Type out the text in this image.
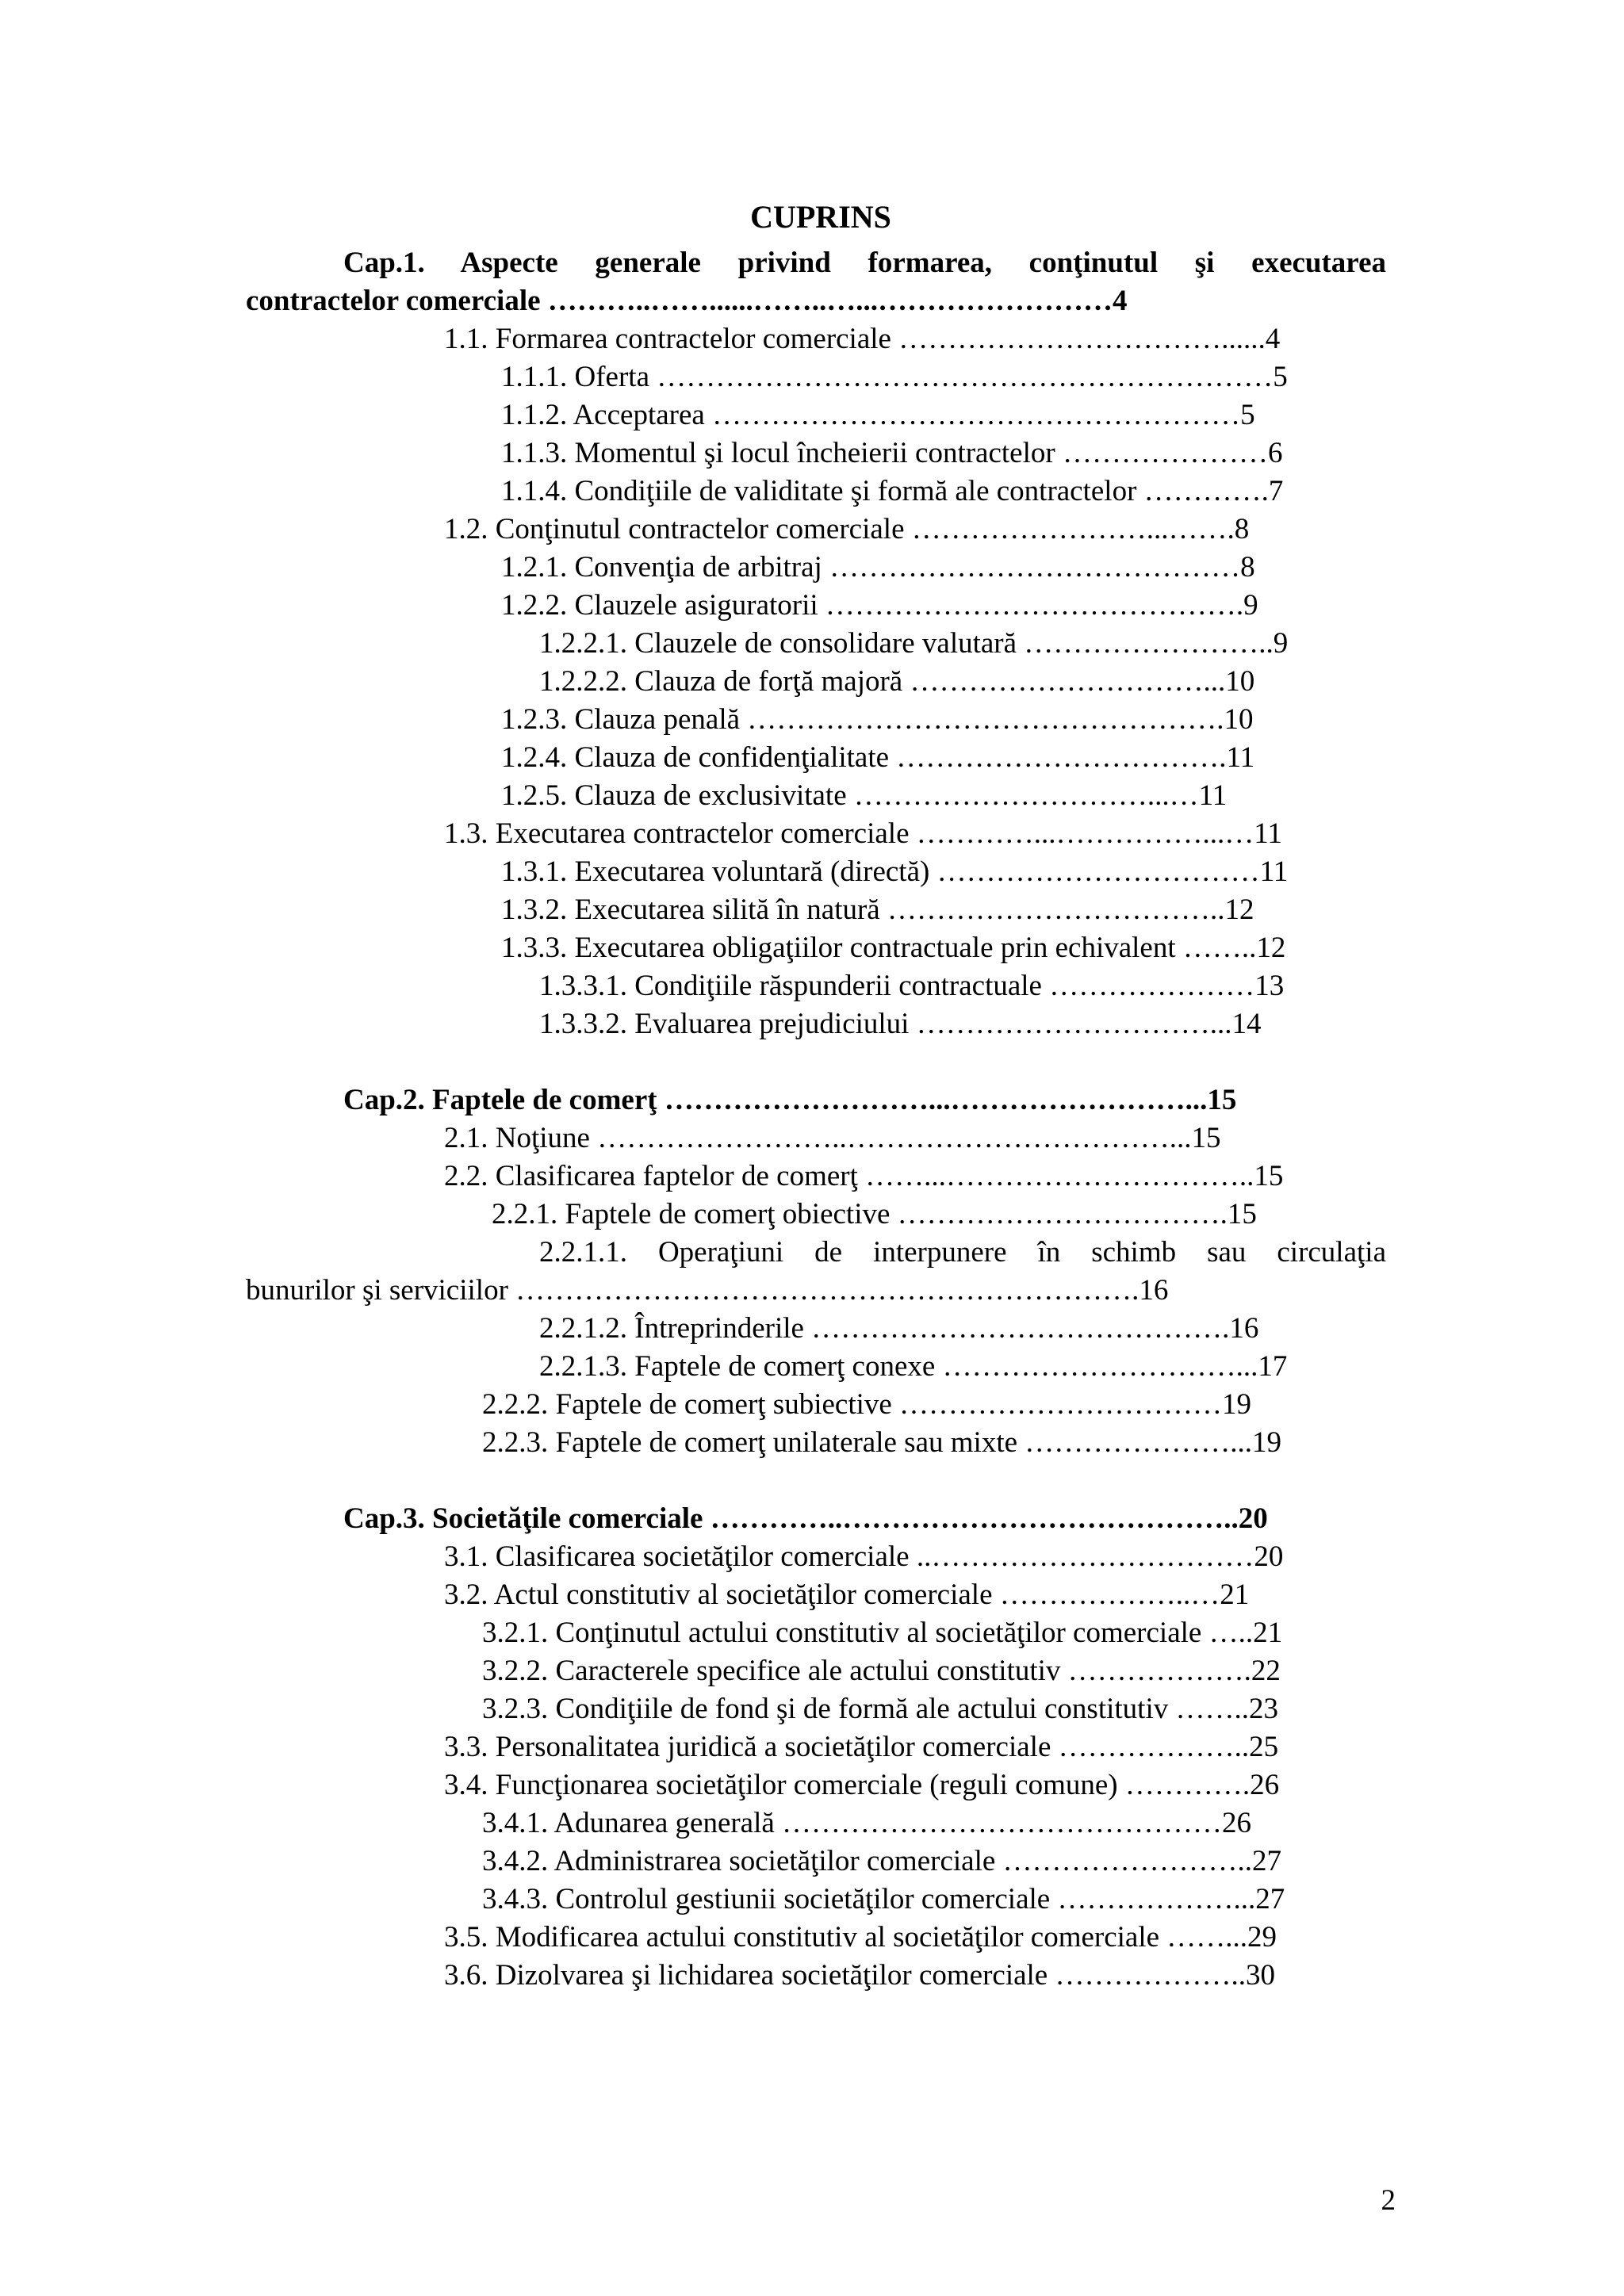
CUPRINS
Cap.1. Aspecte generale privind formarea, conţinutul şi executarea
contractelor comerciale ………..……......……..…...……………………4
1.1. Formarea contractelor comerciale ……………………………......4
1.1.1. Oferta ………………………………………………………5
1.1.2. Acceptarea ………………………………………………5
1.1.3. Momentul şi locul încheierii contractelor …………………6
1.1.4. Condiţiile de validitate şi formă ale contractelor ………….7
1.2. Conţinutul contractelor comerciale ……………………...…….8
1.2.1. Convenţia de arbitraj ……………………………………8
1.2.2. Clauzele asiguratorii …………………………………….9
1.2.2.1. Clauzele de consolidare valutară ……………………..9
1.2.2.2. Clauza de forţă majoră …………………………...10
1.2.3. Clauza penală ………………………………………….10
1.2.4. Clauza de confidenţialitate …………………………….11
1.2.5. Clauza de exclusivitate …………………………...…11
1.3. Executarea contractelor comerciale …………...……………...…11
1.3.1. Executarea voluntară (directă) ……………………………11
1.3.2. Executarea silită în natură ……………………………..12
1.3.3. Executarea obligaţiilor contractuale prin echivalent ……..12
1.3.3.1. Condiţiile răspunderii contractuale …………………13
1.3.3.2. Evaluarea prejudiciului …………………………...14
Cap.2. Faptele de comerţ ………………………...……………………...15
2.1. Noţiune ……………………..……………………………...15
2.2. Clasificarea faptelor de comerţ ……...…………………………..15
2.2.1. Faptele de comerţ obiective …………………………….15
2.2.1.1. Operaţiuni de interpunere în schimb sau circulaţia
bunurilor şi serviciilor ……………………………………………………….16
2.2.1.2. Întreprinderile …………………………………….16
2.2.1.3. Faptele de comerţ conexe …………………………...17
2.2.2. Faptele de comerţ subiective ……………………………19
2.2.3. Faptele de comerţ unilaterale sau mixte …………………...19
Cap.3. Societăţile comerciale …………..…………………………………..20
3.1. Clasificarea societăţilor comerciale ..……………………………20
3.2. Actul constitutiv al societăţilor comerciale ………………..…21
3.2.1. Conţinutul actului constitutiv al societăţilor comerciale …..21
3.2.2. Caracterele specifice ale actului constitutiv ……………….22
3.2.3. Condiţiile de fond şi de formă ale actului constitutiv ……..23
3.3. Personalitatea juridică a societăţilor comerciale ………………..25
3.4. Funcţionarea societăţilor comerciale (reguli comune) ………….26
3.4.1. Adunarea generală ………………………………………26
3.4.2. Administrarea societăţilor comerciale ……………………..27
3.4.3. Controlul gestiunii societăţilor comerciale ………………...27
3.5. Modificarea actului constitutiv al societăţilor comerciale ……...29
3.6. Dizolvarea şi lichidarea societăţilor comerciale ………………..30
2
